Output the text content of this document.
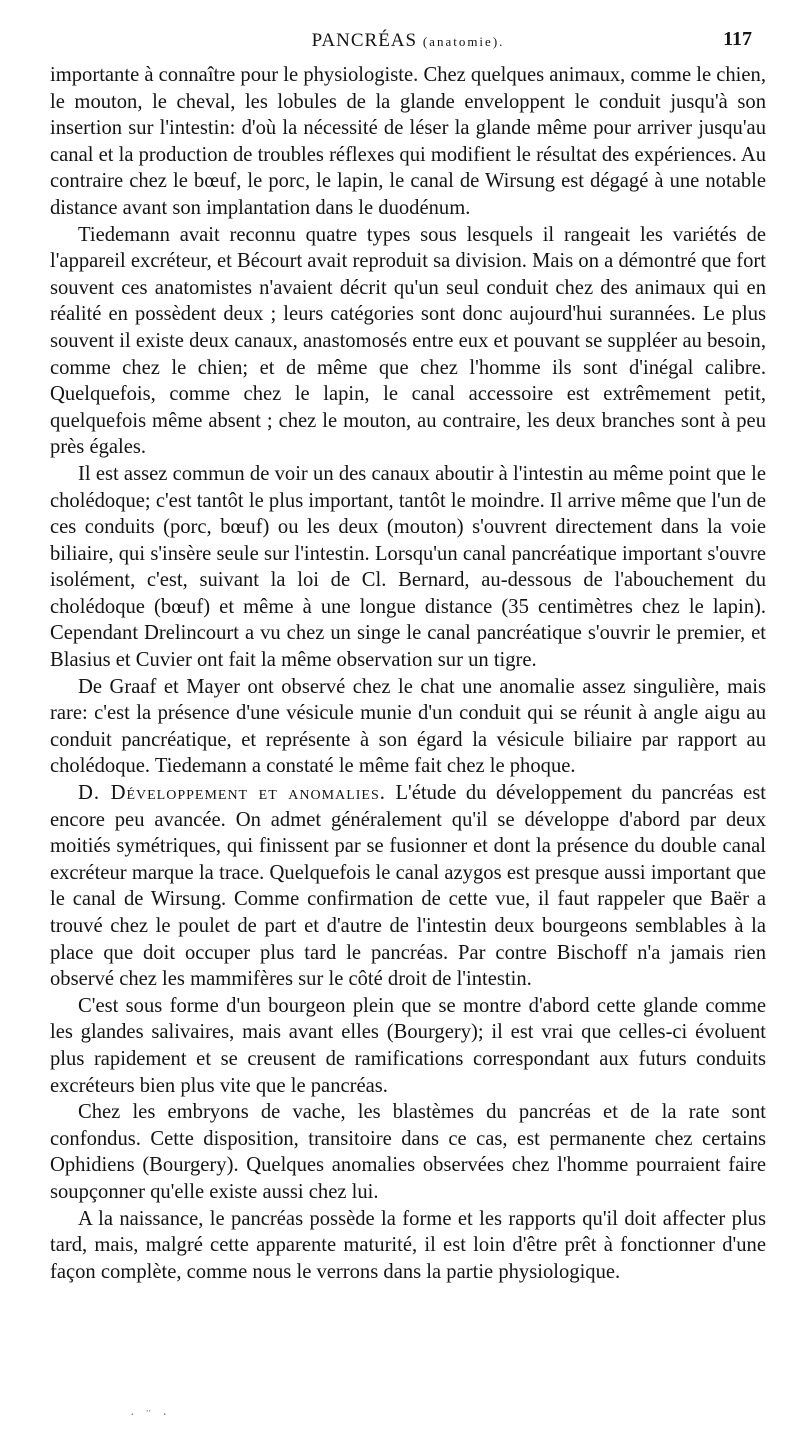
PANCRÉAS (anatomie).	117

importante à connaître pour le physiologiste. Chez quelques animaux, comme le chien, le mouton, le cheval, les lobules de la glande enveloppent le conduit jusqu'à son insertion sur l'intestin: d'où la nécessité de léser la glande même pour arriver jusqu'au canal et la production de troubles réflexes qui modifient le résultat des expériences. Au contraire chez le bœuf, le porc, le lapin, le canal de Wirsung est dégagé à une notable distance avant son implantation dans le duodénum.

Tiedemann avait reconnu quatre types sous lesquels il rangeait les variétés de l'appareil excréteur, et Bécourt avait reproduit sa division. Mais on a démontré que fort souvent ces anatomistes n'avaient décrit qu'un seul conduit chez des animaux qui en réalité en possèdent deux ; leurs catégories sont donc aujourd'hui surannées. Le plus souvent il existe deux canaux, anastomosés entre eux et pouvant se suppléer au besoin, comme chez le chien; et de même que chez l'homme ils sont d'inégal calibre. Quelquefois, comme chez le lapin, le canal accessoire est extrêmement petit, quelquefois même absent ; chez le mouton, au contraire, les deux branches sont à peu près égales.

Il est assez commun de voir un des canaux aboutir à l'intestin au même point que le cholédoque; c'est tantôt le plus important, tantôt le moindre. Il arrive même que l'un de ces conduits (porc, bœuf) ou les deux (mouton) s'ouvrent directement dans la voie biliaire, qui s'insère seule sur l'intestin. Lorsqu'un canal pancréatique important s'ouvre isolément, c'est, suivant la loi de Cl. Bernard, au-dessous de l'abouchement du cholédoque (bœuf) et même à une longue distance (35 centimètres chez le lapin). Cependant Drelincourt a vu chez un singe le canal pancréatique s'ouvrir le premier, et Blasius et Cuvier ont fait la même observation sur un tigre.

De Graaf et Mayer ont observé chez le chat une anomalie assez singulière, mais rare: c'est la présence d'une vésicule munie d'un conduit qui se réunit à angle aigu au conduit pancréatique, et représente à son égard la vésicule biliaire par rapport au cholédoque. Tiedemann a constaté le même fait chez le phoque.

D. Développement et anomalies. L'étude du développement du pancréas est encore peu avancée. On admet généralement qu'il se développe d'abord par deux moitiés symétriques, qui finissent par se fusionner et dont la présence du double canal excréteur marque la trace. Quelquefois le canal azygos est presque aussi important que le canal de Wirsung. Comme confirmation de cette vue, il faut rappeler que Baër a trouvé chez le poulet de part et d'autre de l'intestin deux bourgeons semblables à la place que doit occuper plus tard le pancréas. Par contre Bischoff n'a jamais rien observé chez les mammifères sur le côté droit de l'intestin.

C'est sous forme d'un bourgeon plein que se montre d'abord cette glande comme les glandes salivaires, mais avant elles (Bourgery); il est vrai que celles-ci évoluent plus rapidement et se creusent de ramifications correspondant aux futurs conduits excréteurs bien plus vite que le pancréas.

Chez les embryons de vache, les blastèmes du pancréas et de la rate sont confondus. Cette disposition, transitoire dans ce cas, est permanente chez certains Ophidiens (Bourgery). Quelques anomalies observées chez l'homme pourraient faire soupçonner qu'elle existe aussi chez lui.

A la naissance, le pancréas possède la forme et les rapports qu'il doit affecter plus tard, mais, malgré cette apparente maturité, il est loin d'être prêt à fonctionner d'une façon complète, comme nous le verrons dans la partie physiologique.

· ¨ ·
